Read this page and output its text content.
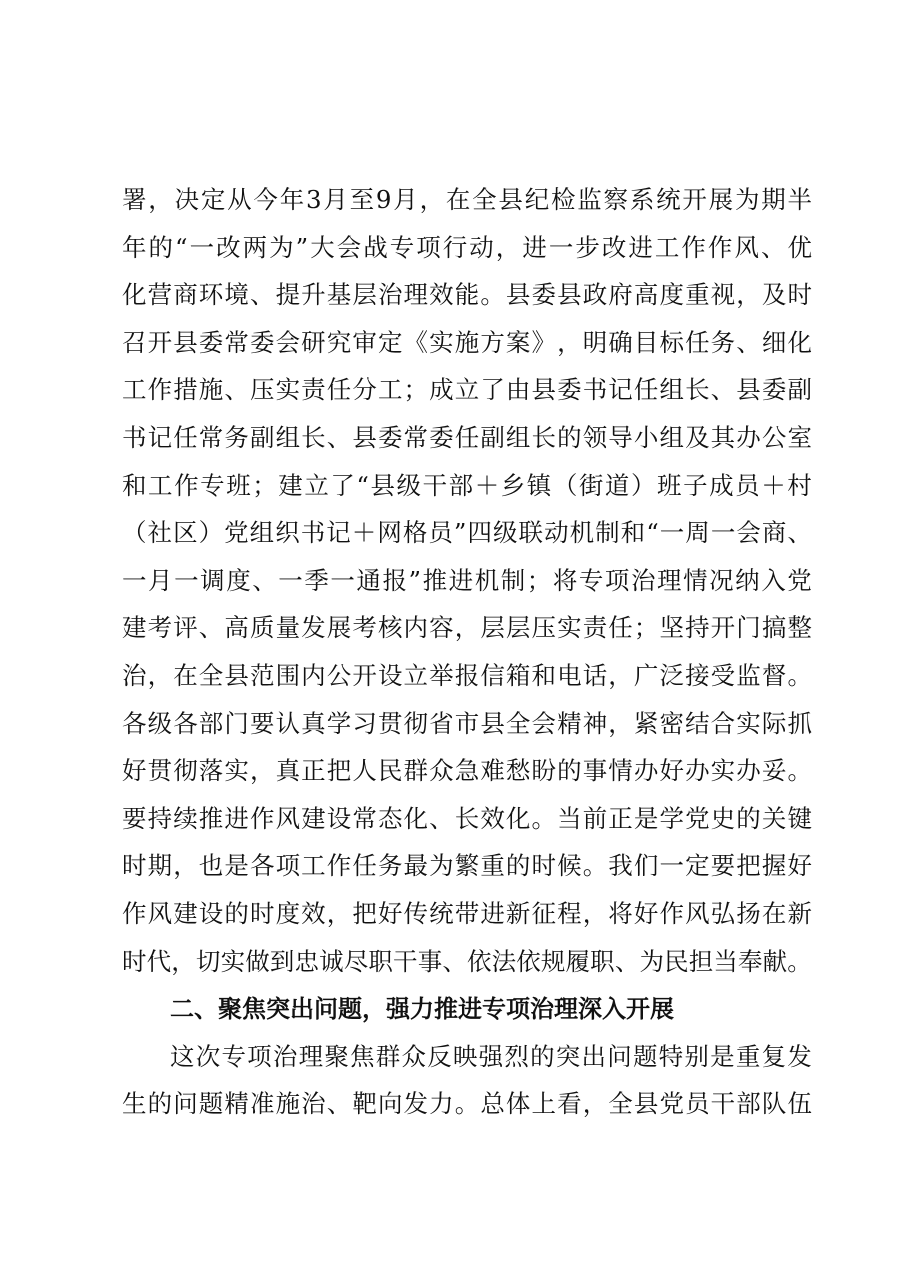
署 ， 决 定 从 今 年 3 月 至 9 月 ， 在 全 县 纪 检 监 察 系 统 开 展 为 期 半
年 的 “ 一 改 两 为 ” 大 会 战 专 项 行 动 ， 进 一 步 改 进 工 作 作 风 、 优
化 营 商 环 境 、 提 升 基 层 治 理 效 能 。 县 委 县 政 府 高 度 重 视 ， 及 时
召 开 县 委 常 委 会 研 究 审 定 《 实 施 方 案 》 ， 明 确 目 标 任 务 、 细 化
工 作 措 施 、 压 实 责 任 分 工 ； 成 立 了 由 县 委 书 记 任 组 长 、 县 委 副
书 记 任 常 务 副 组 长 、 县 委 常 委 任 副 组 长 的 领 导 小 组 及 其 办 公 室
和 工 作 专 班 ； 建 立 了 “ 县 级 干 部 ＋ 乡 镇 （ 街 道 ） 班 子 成 员 ＋ 村
（ 社 区 ） 党 组 织 书 记 ＋ 网 格 员 ” 四 级 联 动 机 制 和 “ 一 周 一 会 商 、
一 月 一 调 度 、 一 季 一 通 报 ” 推 进 机 制 ； 将 专 项 治 理 情 况 纳 入 党
建 考 评 、 高 质 量 发 展 考 核 内 容 ， 层 层 压 实 责 任 ； 坚 持 开 门 搞 整
治 ， 在 全 县 范 围 内 公 开 设 立 举 报 信 箱 和 电 话 ， 广 泛 接 受 监 督 。
各 级 各 部 门 要 认 真 学 习 贯 彻 省 市 县 全 会 精 神 ， 紧 密 结 合 实 际 抓
好 贯 彻 落 实 ， 真 正 把 人 民 群 众 急 难 愁 盼 的 事 情 办 好 办 实 办 妥 。
要 持 续 推 进 作 风 建 设 常 态 化 、 长 效 化 。 当 前 正 是 学 党 史 的 关 键
时 期 ， 也 是 各 项 工 作 任 务 最 为 繁 重 的 时 候 。 我 们 一 定 要 把 握 好
作 风 建 设 的 时 度 效 ， 把 好 传 统 带 进 新 征 程 ， 将 好 作 风 弘 扬 在 新
时 代 ， 切 实 做 到 忠 诚 尽 职 干 事 、 依 法 依 规 履 职 、 为 民 担 当 奉 献 。
二、聚焦突出问题，强力推进专项治理深入开展
这 次 专 项 治 理 聚 焦 群 众 反 映 强 烈 的 突 出 问 题 特 别 是 重 复 发
生 的 问 题 精 准 施 治 、 靶 向 发 力 。 总 体 上 看 ， 全 县 党 员 干 部 队 伍
